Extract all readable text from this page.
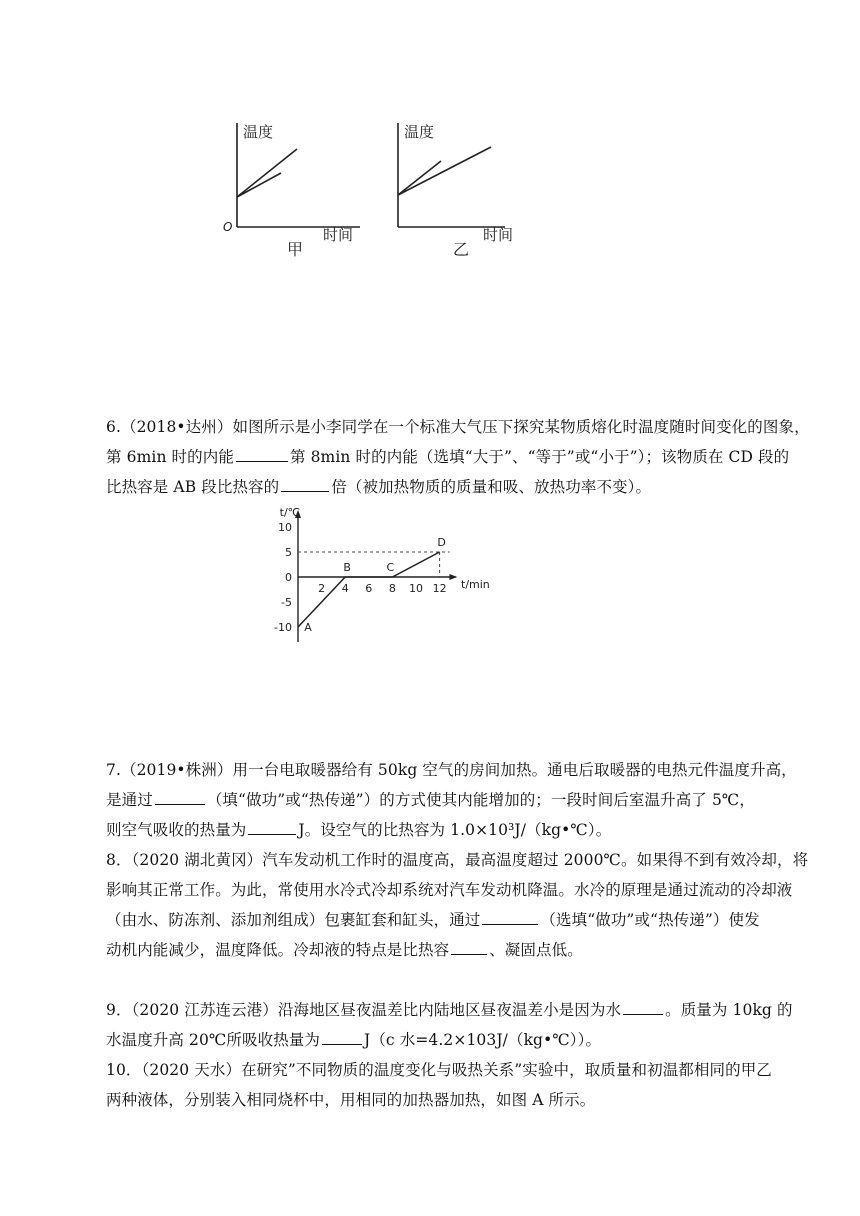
温度
O	时间
甲
温度
时间
乙
6.（2018•达州）如图所示是小李同学在一个标准大气压下探究某物质熔化时温度随时间变化的图象，
第 6min 时的内能	第 8min 时的内能（选填“大于”、“等于”或“小于”）；该物质在 CD 段的
比热容是 AB 段比热容的	倍（被加热物质的质量和吸、放热功率不变）。
t/℃
t/min
2 4 6 8 10 12
10
5
0
-5
-10 A
B	C
D
7.（2019•株洲）用一台电取暖器给有 50kg 空气的房间加热。通电后取暖器的电热元件温度升高，
是通过	（填“做功”或“热传递”）的方式使其内能增加的；一段时间后室温升高了 5℃，
则空气吸收的热量为	J。设空气的比热容为 1.0×10³J/（kg•℃）。
8．（2020 湖北黄冈）汽车发动机工作时的温度高，最高温度超过 2000℃。如果得不到有效冷却，将
影响其正常工作。为此，常使用水冷式冷却系统对汽车发动机降温。水冷的原理是通过流动的冷却液
（由水、防冻剂、添加剂组成）包裹缸套和缸头，通过	（选填“做功”或“热传递”）使发
动机内能减少，温度降低。冷却液的特点是比热容	、凝固点低。
9．（2020 江苏连云港）沿海地区昼夜温差比内陆地区昼夜温差小是因为水	。质量为 10kg 的
水温度升高 20℃所吸收热量为	J（c 水=4.2×103J/（kg•℃））。
10．（2020 天水）在研究”不同物质的温度变化与吸热关系”实验中，取质量和初温都相同的甲乙
两种液体，分别装入相同烧杯中，用相同的加热器加热，如图 A 所示。
